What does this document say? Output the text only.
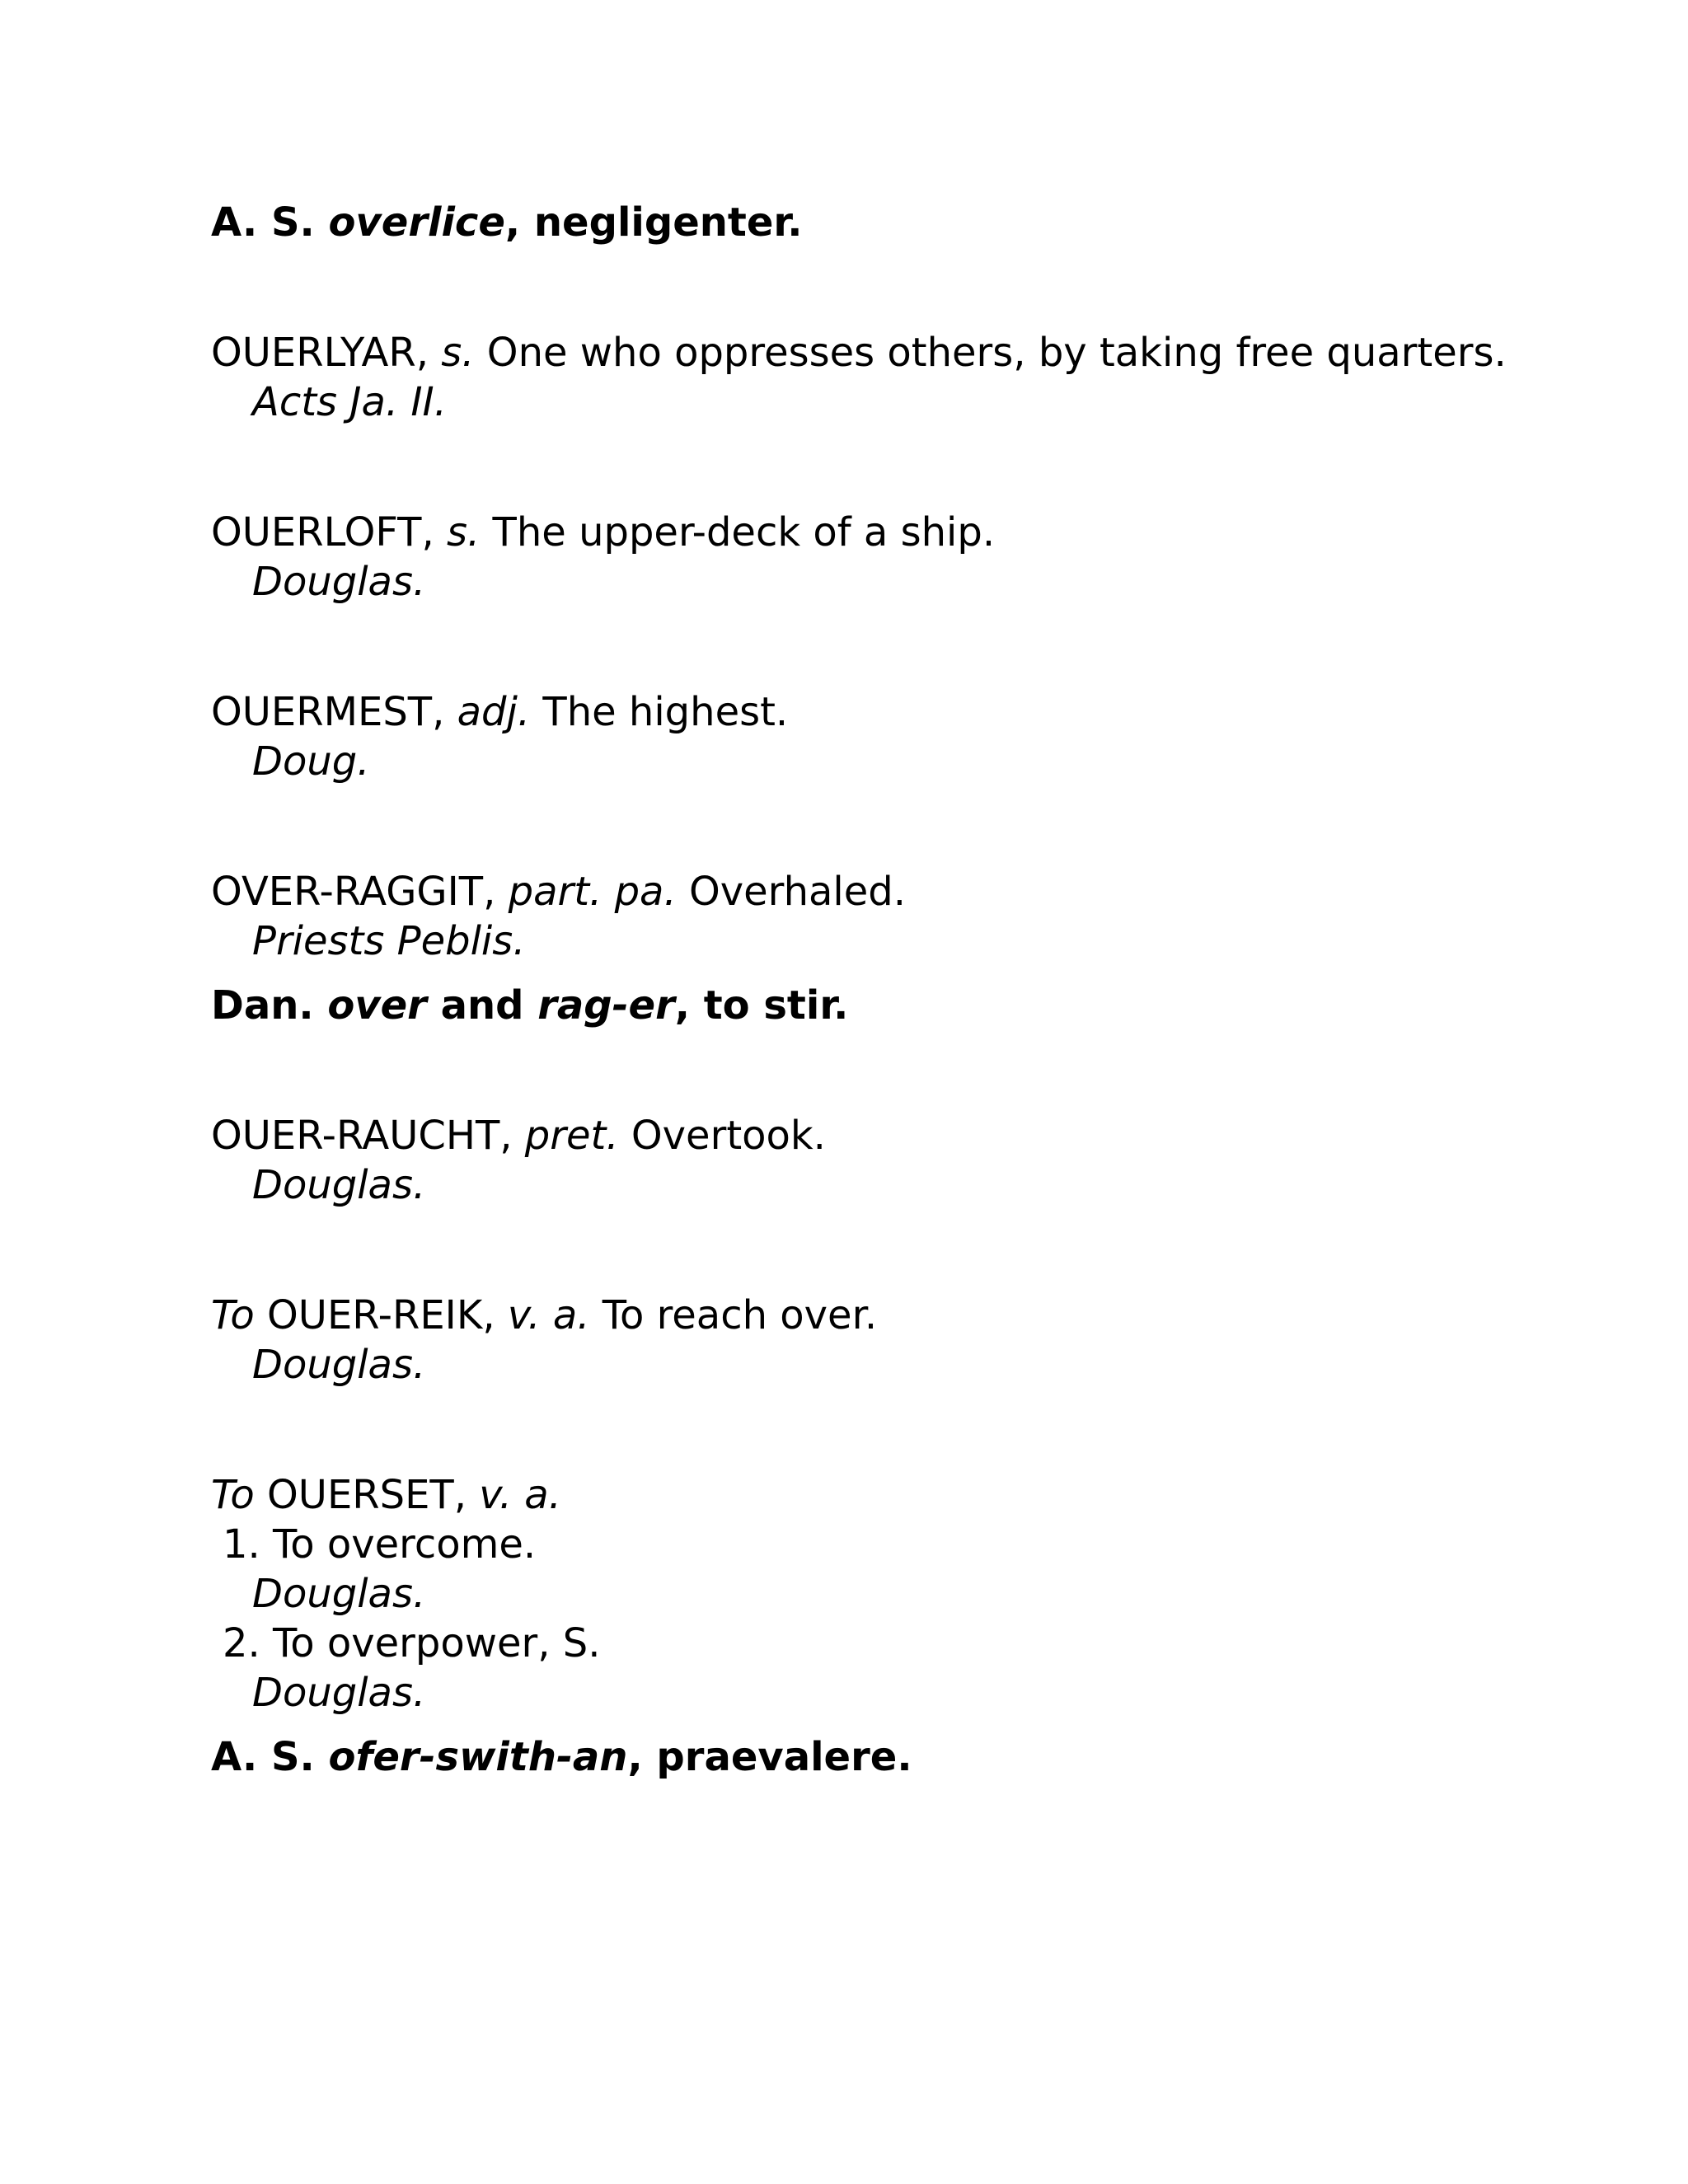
A. S. overlice, negligenter.
OUERLYAR, s. One who oppresses others, by taking free quarters.
Acts Ja. II.
OUERLOFT, s. The upper-deck of a ship.
Douglas.
OUERMEST, adj. The highest.
Doug.
OVER-RAGGIT, part. pa. Overhaled.
Priests Peblis.
Dan. over and rag-er, to stir.
OUER-RAUCHT, pret. Overtook.
Douglas.
To OUER-REIK, v. a. To reach over.
Douglas.
To OUERSET, v. a.
1. To overcome.
Douglas.
2. To overpower, S.
Douglas.
A. S. ofer-swith-an, praevalere.
